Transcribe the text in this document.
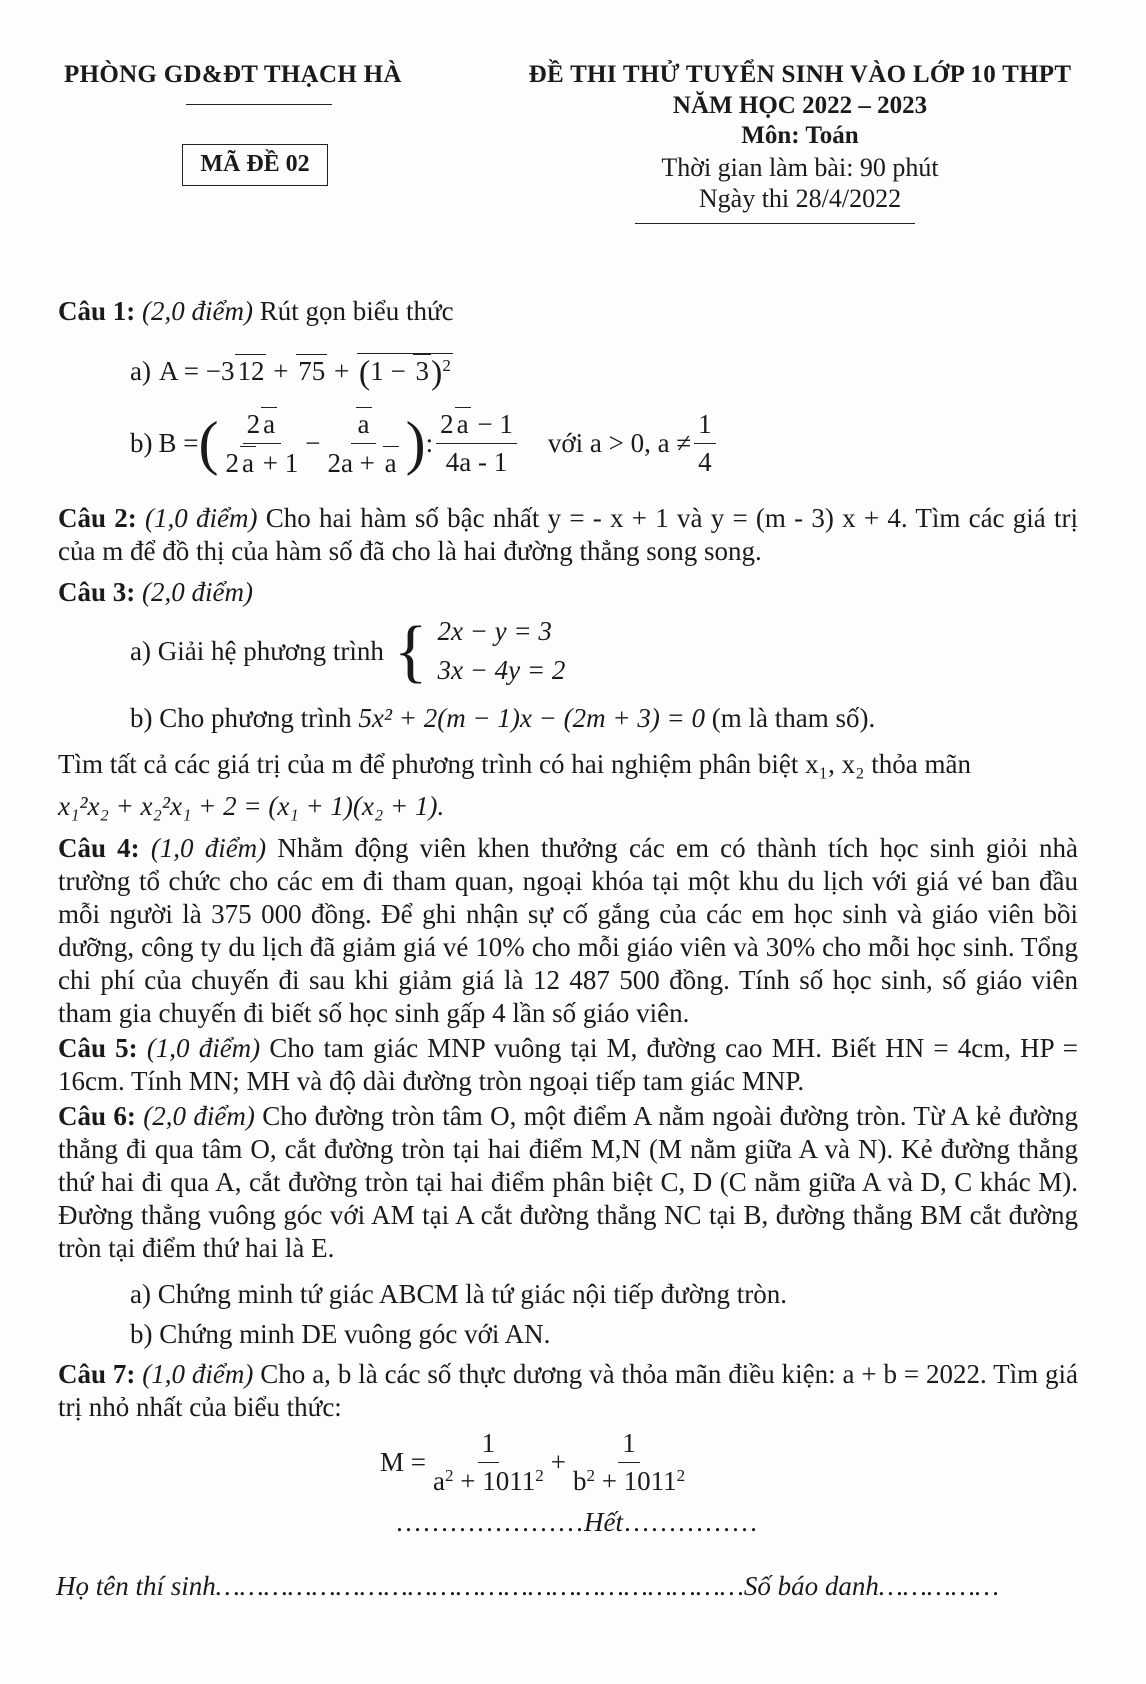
PHÒNG GD&ĐT THẠCH HÀ
MÃ ĐỀ 02
ĐỀ THI THỬ TUYỂN SINH VÀO LỚP 10 THPT
NĂM HỌC 2022 – 2023
Môn: Toán
Thời gian làm bài: 90 phút
Ngày thi 28/4/2022
Câu 1: (2,0 điểm) Rút gọn biểu thức
a) A = −3 $12 + 75 + (1 - 3)^2$
b) B = ( $\frac{2 a}{2 a + 1} - \frac{a}{2a + a}$ ) : $\frac{2 a - 1}{4a - 1}$ với a > 0, $a \ne \frac{1}{4}$
Câu 2: (1,0 điểm) Cho hai hàm số bậc nhất y = - x + 1 và y = (m - 3) x + 4. Tìm các giá trị của m để đồ thị của hàm số đã cho là hai đường thẳng song song.
Câu 3: (2,0 điểm)
a) Giải hệ phương trình { 2x − y = 3
3x − 4y = 2
b) Cho phương trình 5x² + 2(m − 1)x − (2m + 3) = 0 (m là tham số).
Tìm tất cả các giá trị của m để phương trình có hai nghiệm phân biệt x₁, x₂ thỏa mãn
x₁²x₂ + x₂²x₁ + 2 = (x₁ + 1)(x₂ + 1).
Câu 4: (1,0 điểm) Nhằm động viên khen thưởng các em có thành tích học sinh giỏi nhà trường tổ chức cho các em đi tham quan, ngoại khóa tại một khu du lịch với giá vé ban đầu mỗi người là 375 000 đồng. Để ghi nhận sự cố gắng của các em học sinh và giáo viên bồi dưỡng, công ty du lịch đã giảm giá vé 10% cho mỗi giáo viên và 30% cho mỗi học sinh. Tổng chi phí của chuyến đi sau khi giảm giá là 12 487 500 đồng. Tính số học sinh, số giáo viên tham gia chuyến đi biết số học sinh gấp 4 lần số giáo viên.
Câu 5: (1,0 điểm) Cho tam giác MNP vuông tại M, đường cao MH. Biết HN = 4cm, HP = 16cm. Tính MN; MH và độ dài đường tròn ngoại tiếp tam giác MNP.
Câu 6: (2,0 điểm) Cho đường tròn tâm O, một điểm A nằm ngoài đường tròn. Từ A kẻ đường thẳng đi qua tâm O, cắt đường tròn tại hai điểm M,N (M nằm giữa A và N). Kẻ đường thẳng thứ hai đi qua A, cắt đường tròn tại hai điểm phân biệt C, D (C nằm giữa A và D, C khác M). Đường thẳng vuông góc với AM tại A cắt đường thẳng NC tại B, đường thẳng BM cắt đường tròn tại điểm thứ hai là E.
a) Chứng minh tứ giác ABCM là tứ giác nội tiếp đường tròn.
b) Chứng minh DE vuông góc với AN.
Câu 7: (1,0 điểm) Cho a, b là các số thực dương và thỏa mãn điều kiện: a + b = 2022. Tìm giá trị nhỏ nhất của biểu thức:
$M = \frac{1}{a^2 + 1011^2} + \frac{1}{b^2 + 1011^2}$
…………………Hết……………
Họ tên thí sinh…………………………………………………………Số báo danh……………
